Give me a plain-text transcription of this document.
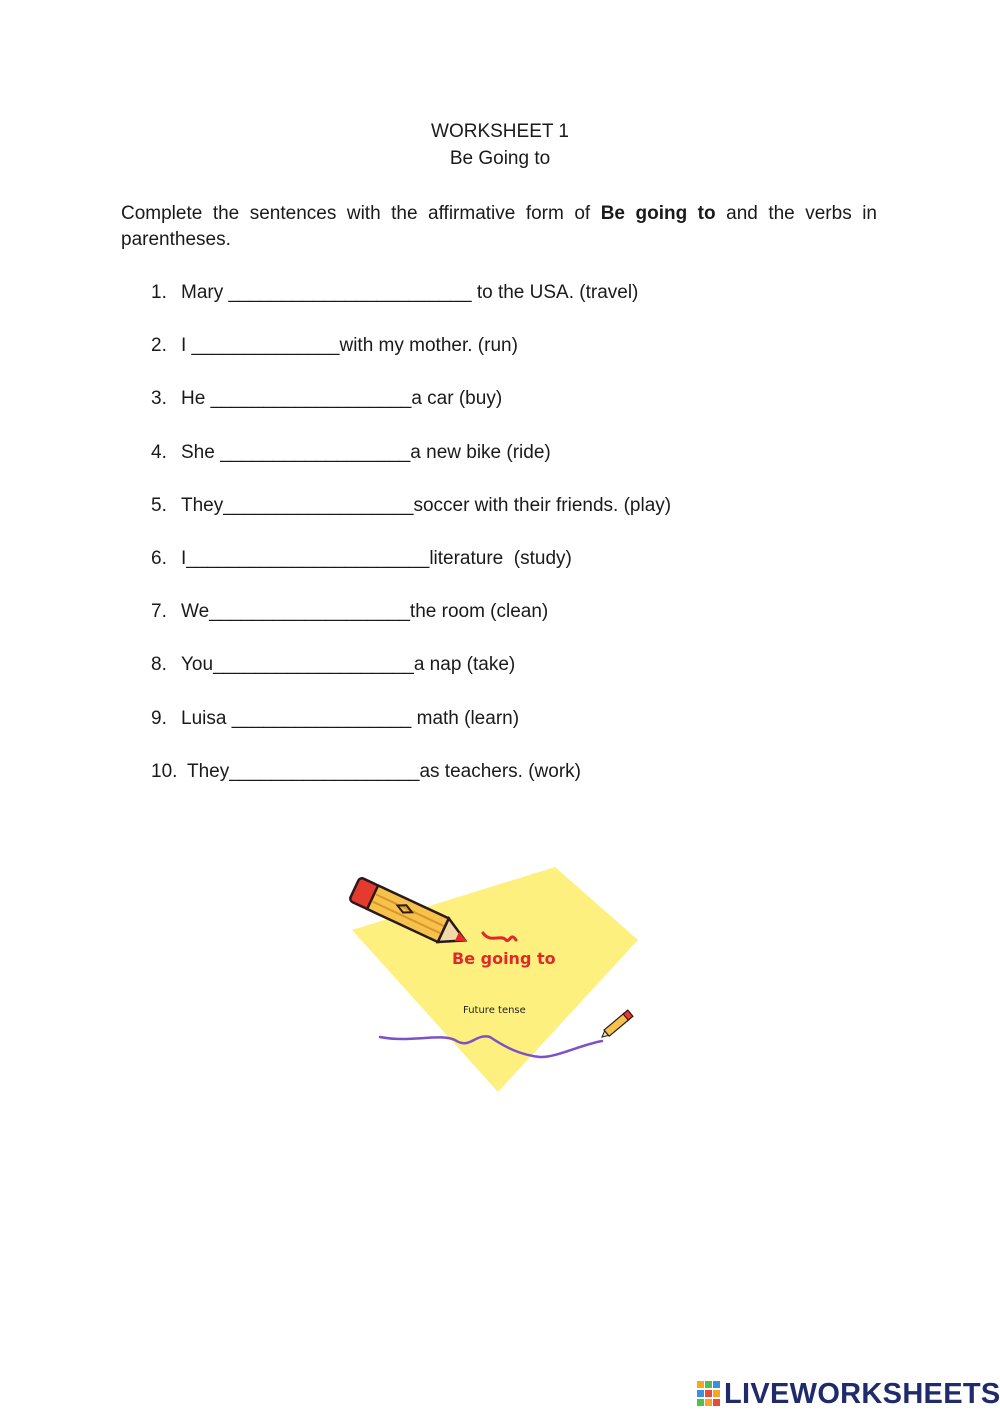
WORKSHEET 1
Be Going to
Complete the sentences with the affirmative form of Be going to and the verbs in parentheses.
1. Mary _______________________ to the USA. (travel)
2. I ______________with my mother. (run)
3. He ___________________a car (buy)
4. She __________________a new bike (ride)
5. They__________________soccer with their friends. (play)
6. I_______________________literature  (study)
7. We___________________the room (clean)
8. You___________________a nap (take)
9. Luisa _________________ math (learn)
10. They__________________as teachers. (work)
Be going to
Future tense
LIVEWORKSHEETS
